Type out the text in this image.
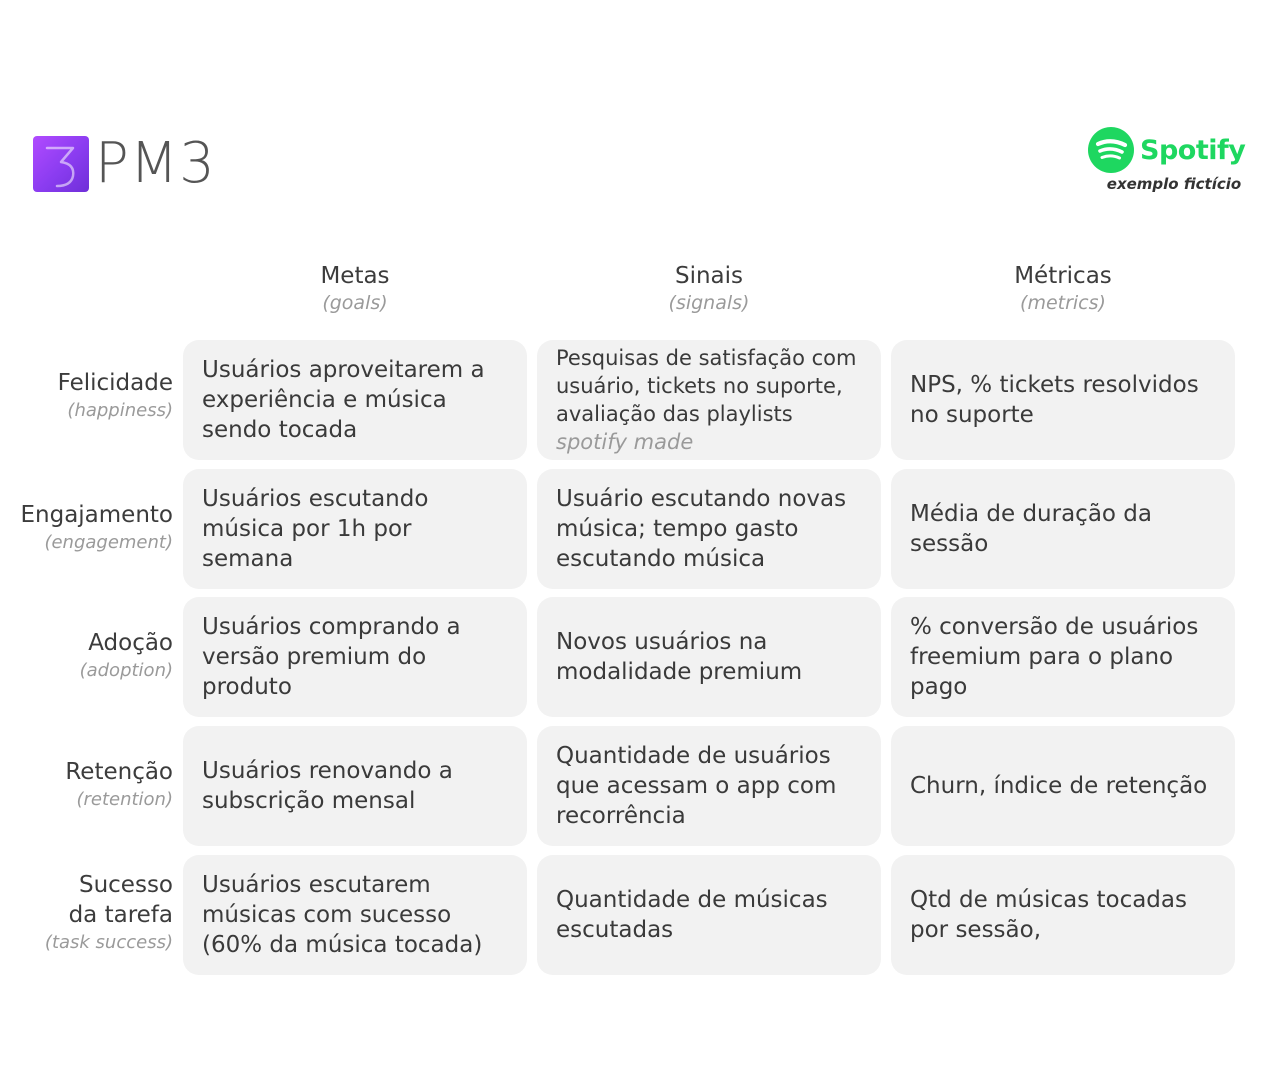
PM3	Spotify
exemplo fictício
Metas
(goals)
Sinais
(signals)
Métricas
(metrics)
Felicidade
(happiness)
Usuários aproveitarem a experiência e música sendo tocada
Pesquisas de satisfação com usuário, tickets no suporte, avaliação das playlists spotify made
NPS, % tickets resolvidos no suporte
Engajamento
(engagement)
Usuários escutando música por 1h por semana
Usuário escutando novas música; tempo gasto escutando música
Média de duração da sessão
Adoção
(adoption)
Usuários comprando a versão premium do produto
Novos usuários na modalidade premium
% conversão de usuários freemium para o plano pago
Retenção
(retention)
Usuários renovando a subscrição mensal
Quantidade de usuários que acessam o app com recorrência
Churn, índice de retenção
Sucesso
da tarefa
(task success)
Usuários escutarem músicas com sucesso (60% da música tocada)
Quantidade de músicas escutadas
Qtd de músicas tocadas por sessão,
